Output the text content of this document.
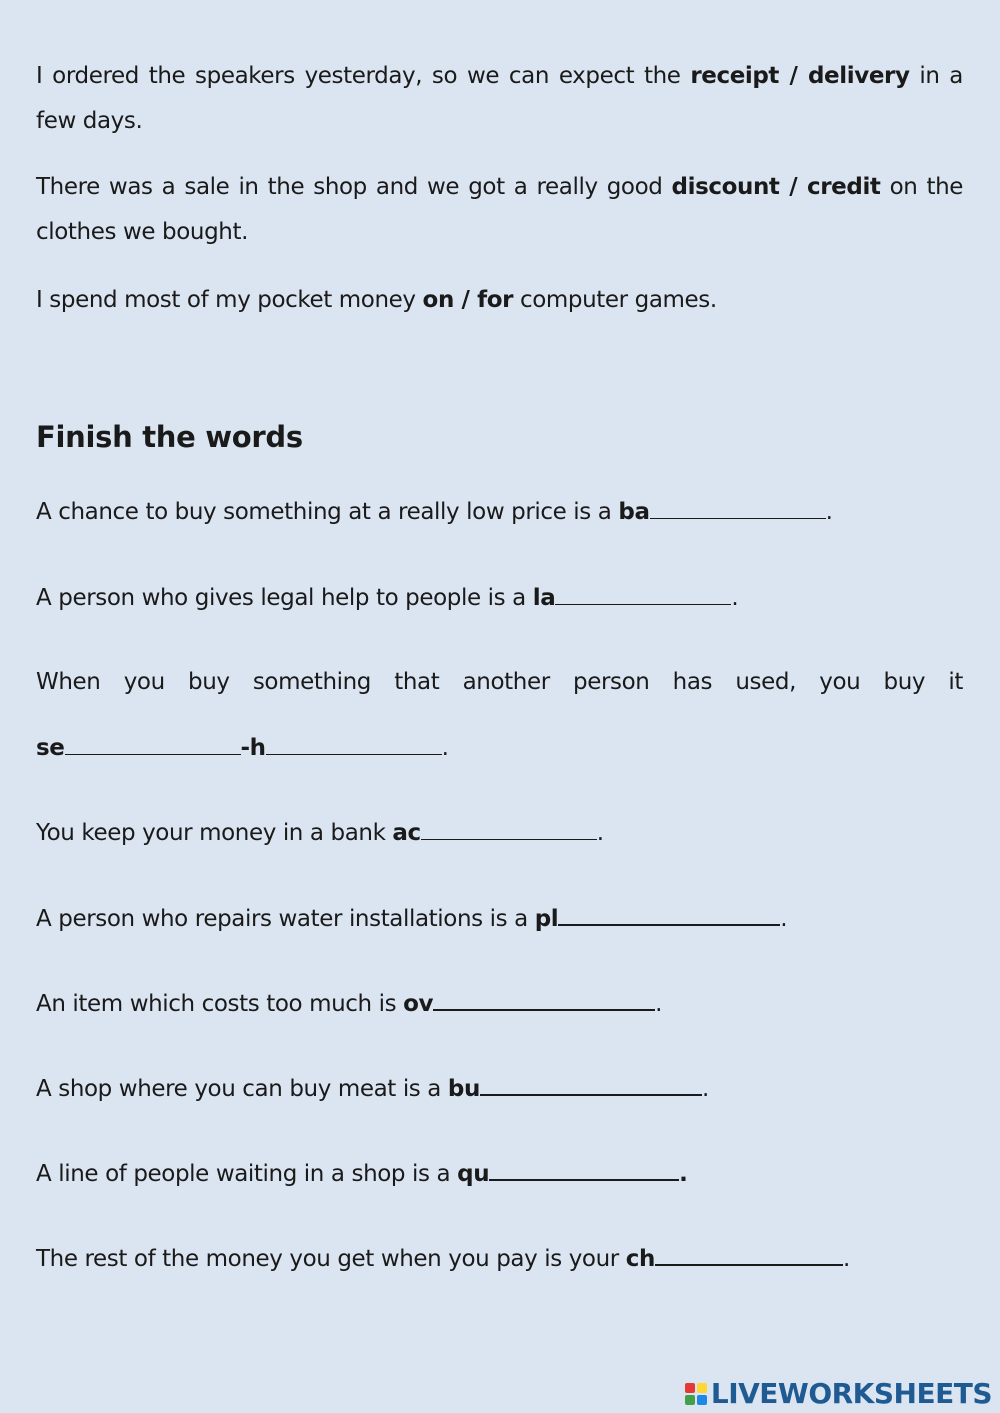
I ordered the speakers yesterday, so we can expect the receipt / delivery in a few days.

There was a sale in the shop and we got a really good discount / credit on the clothes we bought.

I spend most of my pocket money on / for computer games.

Finish the words

A chance to buy something at a really low price is a ba	.

A person who gives legal help to people is a la	.

When you buy something that another person has used, you buy it

se	-h	.

You keep your money in a bank ac	.

A person who repairs water installations is a pl	.

An item which costs too much is ov	.

A shop where you can buy meat is a bu	.

A line of people waiting in a shop is a qu	.

The rest of the money you get when you pay is your ch	.

LIVEWORKSHEETS
